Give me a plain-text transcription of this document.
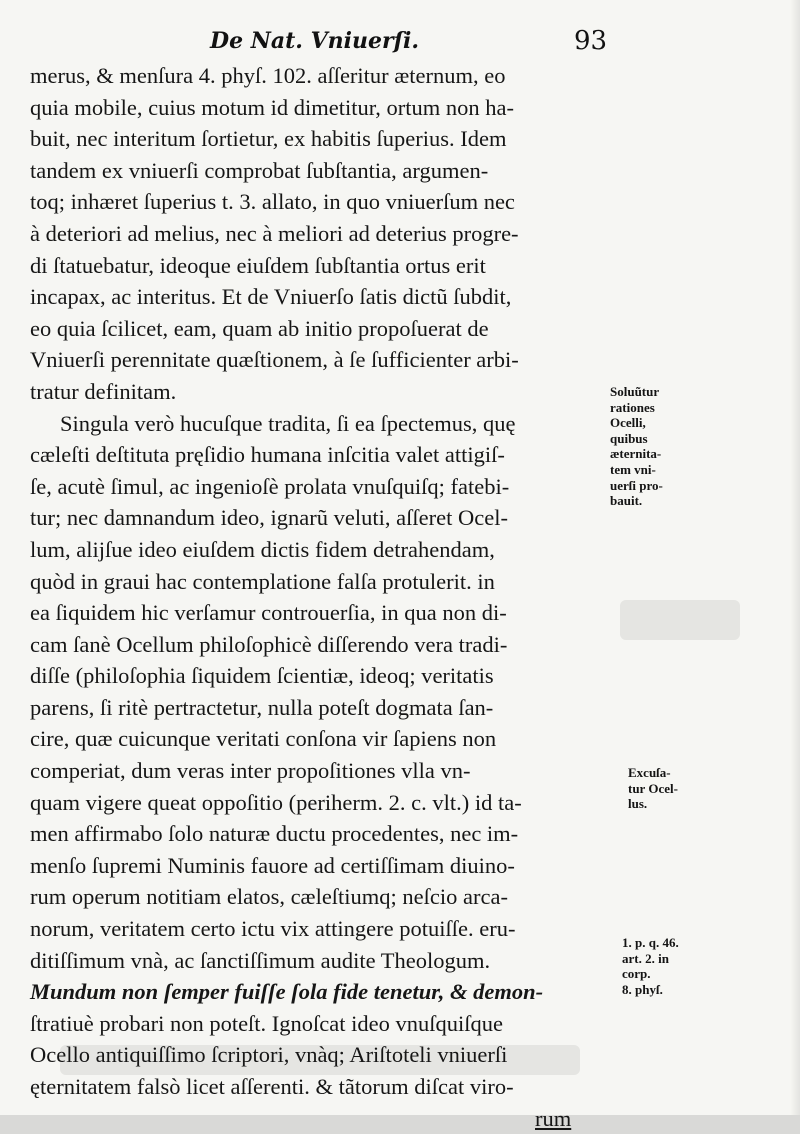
De Nat. Vniuerſi.	93
merus, & menſura 4. phyſ. 102. aſſeritur æternum, eo
quia mobile, cuius motum id dimetitur, ortum non ha-
buit, nec interitum ſortietur, ex habitis ſuperius. Idem
tandem ex vniuerſi comprobat ſubſtantia, argumen-
toq; inhæret ſuperius t. 3. allato, in quo vniuerſum nec
à deteriori ad melius, nec à meliori ad deterius progre-
di ſtatuebatur, ideoque eiuſdem ſubſtantia ortus erit
incapax, ac interitus. Et de Vniuerſo ſatis dictũ ſubdit,
eo quia ſcilicet, eam, quam ab initio propoſuerat de
Vniuerſi perennitate quæſtionem, à ſe ſufficienter arbi-
tratur definitam.
Singula verò hucuſque tradita, ſi ea ſpectemus, quę
cæleſti deſtituta pręſidio humana inſcitia valet attigiſ-
ſe, acutè ſimul, ac ingenioſè prolata vnuſquiſq; fatebi-
tur; nec damnandum ideo, ignarũ veluti, aſſeret Ocel-
lum, alijſue ideo eiuſdem dictis fidem detrahendam,
quòd in graui hac contemplatione falſa protulerit. in
ea ſiquidem hic verſamur controuerſia, in qua non di-
cam ſanè Ocellum philoſophicè diſſerendo vera tradi-
diſſe (philoſophia ſiquidem ſcientiæ, ideoq; veritatis
parens, ſi ritè pertractetur, nulla poteſt dogmata ſan-
cire, quæ cuicunque veritati conſona vir ſapiens non
comperiat, dum veras inter propoſitiones vlla vn-
quam vigere queat oppoſitio (periherm. 2. c. vlt.) id ta-
men affirmabo ſolo naturæ ductu procedentes, nec im-
menſo ſupremi Numinis fauore ad certiſſimam diuino-
rum operum notitiam elatos, cæleſtiumq; neſcio arca-
norum, veritatem certo ictu vix attingere potuiſſe. eru-
ditiſſimum vnà, ac ſanctiſſimum audite Theologum.
Mundum non ſemper fuiſſe ſola fide tenetur, & demon-
ſtratiuè probari non poteſt. Ignoſcat ideo vnuſquiſque
Ocello antiquiſſimo ſcriptori, vnàq; Ariſtoteli vniuerſi
ęternitatem falsò licet aſſerenti. & tãtorum diſcat viro-
rum
Soluũtur
rationes
Ocelli,
quibus
æternita-
tem vni-
uerſi pro-
bauit.
Excuſa-
tur Ocel-
lus.
1. p. q. 46.
art. 2. in
corp.
8. phyſ.
